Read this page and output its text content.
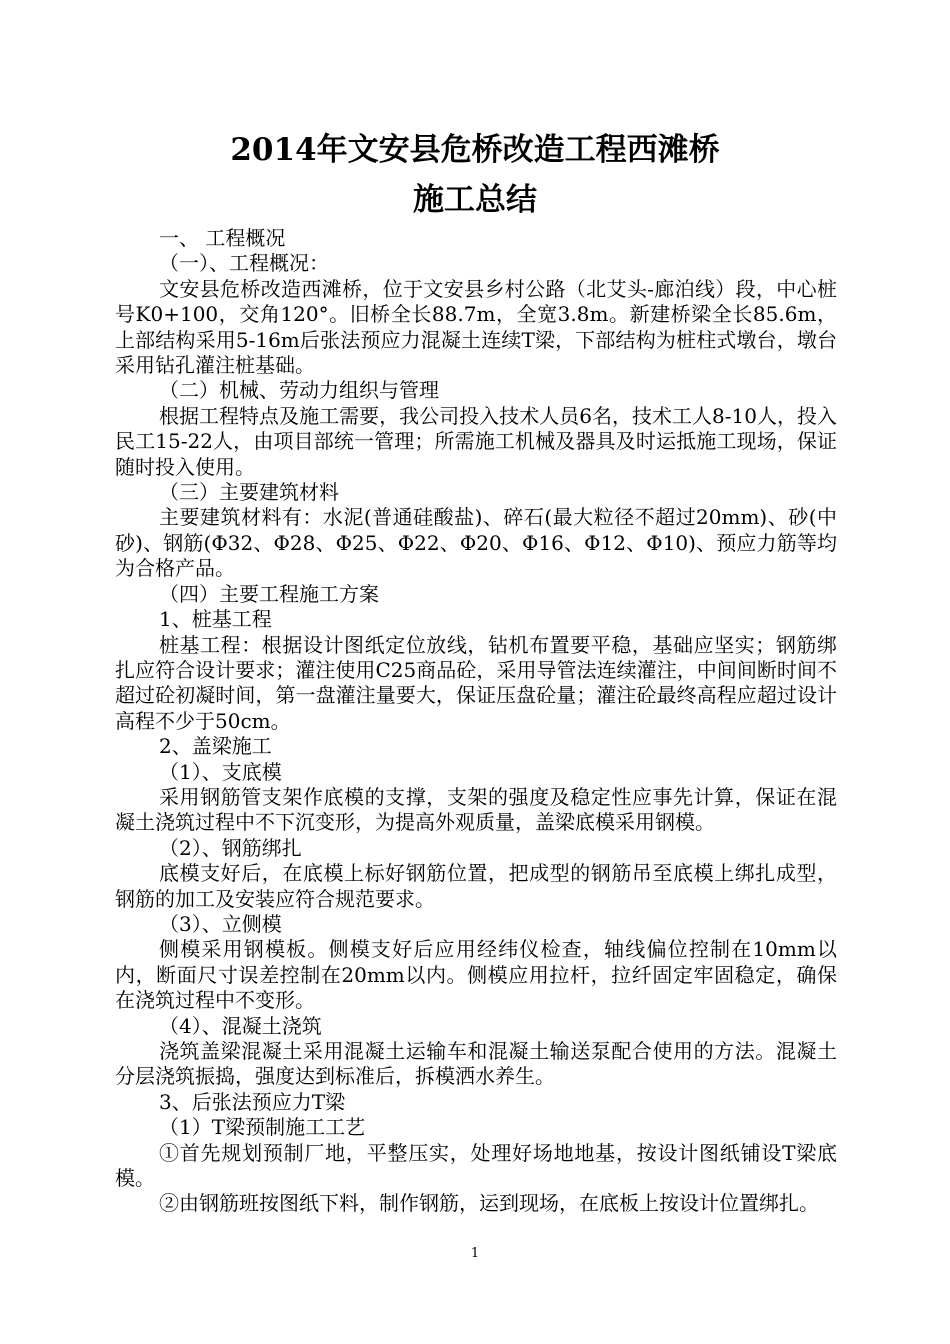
2014年文安县危桥改造工程西滩桥
施工总结

一、 工程概况

（一）、工程概况：

文安县危桥改造西滩桥，位于文安县乡村公路（北艾头-廊泊线）段，中心桩号K0+100，交角120°。旧桥全长88.7m，全宽3.8m。新建桥梁全长85.6m，上部结构采用5-16m后张法预应力混凝土连续T梁，下部结构为桩柱式墩台，墩台采用钻孔灌注桩基础。

（二）机械、劳动力组织与管理

根据工程特点及施工需要，我公司投入技术人员6名，技术工人8-10人，投入民工15-22人，由项目部统一管理；所需施工机械及器具及时运抵施工现场，保证随时投入使用。

（三）主要建筑材料

主要建筑材料有：水泥(普通硅酸盐)、碎石(最大粒径不超过20mm)、砂(中砂)、钢筋(Φ32、Φ28、Φ25、Φ22、Φ20、Φ16、Φ12、Φ10)、预应力筋等均为合格产品。

（四）主要工程施工方案

1、桩基工程

桩基工程：根据设计图纸定位放线，钻机布置要平稳，基础应坚实；钢筋绑扎应符合设计要求；灌注使用C25商品砼，采用导管法连续灌注，中间间断时间不超过砼初凝时间，第一盘灌注量要大，保证压盘砼量；灌注砼最终高程应超过设计高程不少于50cm。

2、盖梁施工

（1）、支底模

采用钢筋管支架作底模的支撑，支架的强度及稳定性应事先计算，保证在混凝土浇筑过程中不下沉变形，为提高外观质量，盖梁底模采用钢模。

（2）、钢筋绑扎

底模支好后，在底模上标好钢筋位置，把成型的钢筋吊至底模上绑扎成型，钢筋的加工及安装应符合规范要求。

（3）、立侧模

侧模采用钢模板。侧模支好后应用经纬仪检查，轴线偏位控制在10mm以内，断面尺寸误差控制在20mm以内。侧模应用拉杆，拉纤固定牢固稳定，确保在浇筑过程中不变形。

（4）、混凝土浇筑

浇筑盖梁混凝土采用混凝土运输车和混凝土输送泵配合使用的方法。混凝土分层浇筑振捣，强度达到标准后，拆模洒水养生。

3、后张法预应力T梁

（1）T梁预制施工工艺

①首先规划预制厂地，平整压实，处理好场地地基，按设计图纸铺设T梁底模。

②由钢筋班按图纸下料，制作钢筋，运到现场，在底板上按设计位置绑扎。

1
